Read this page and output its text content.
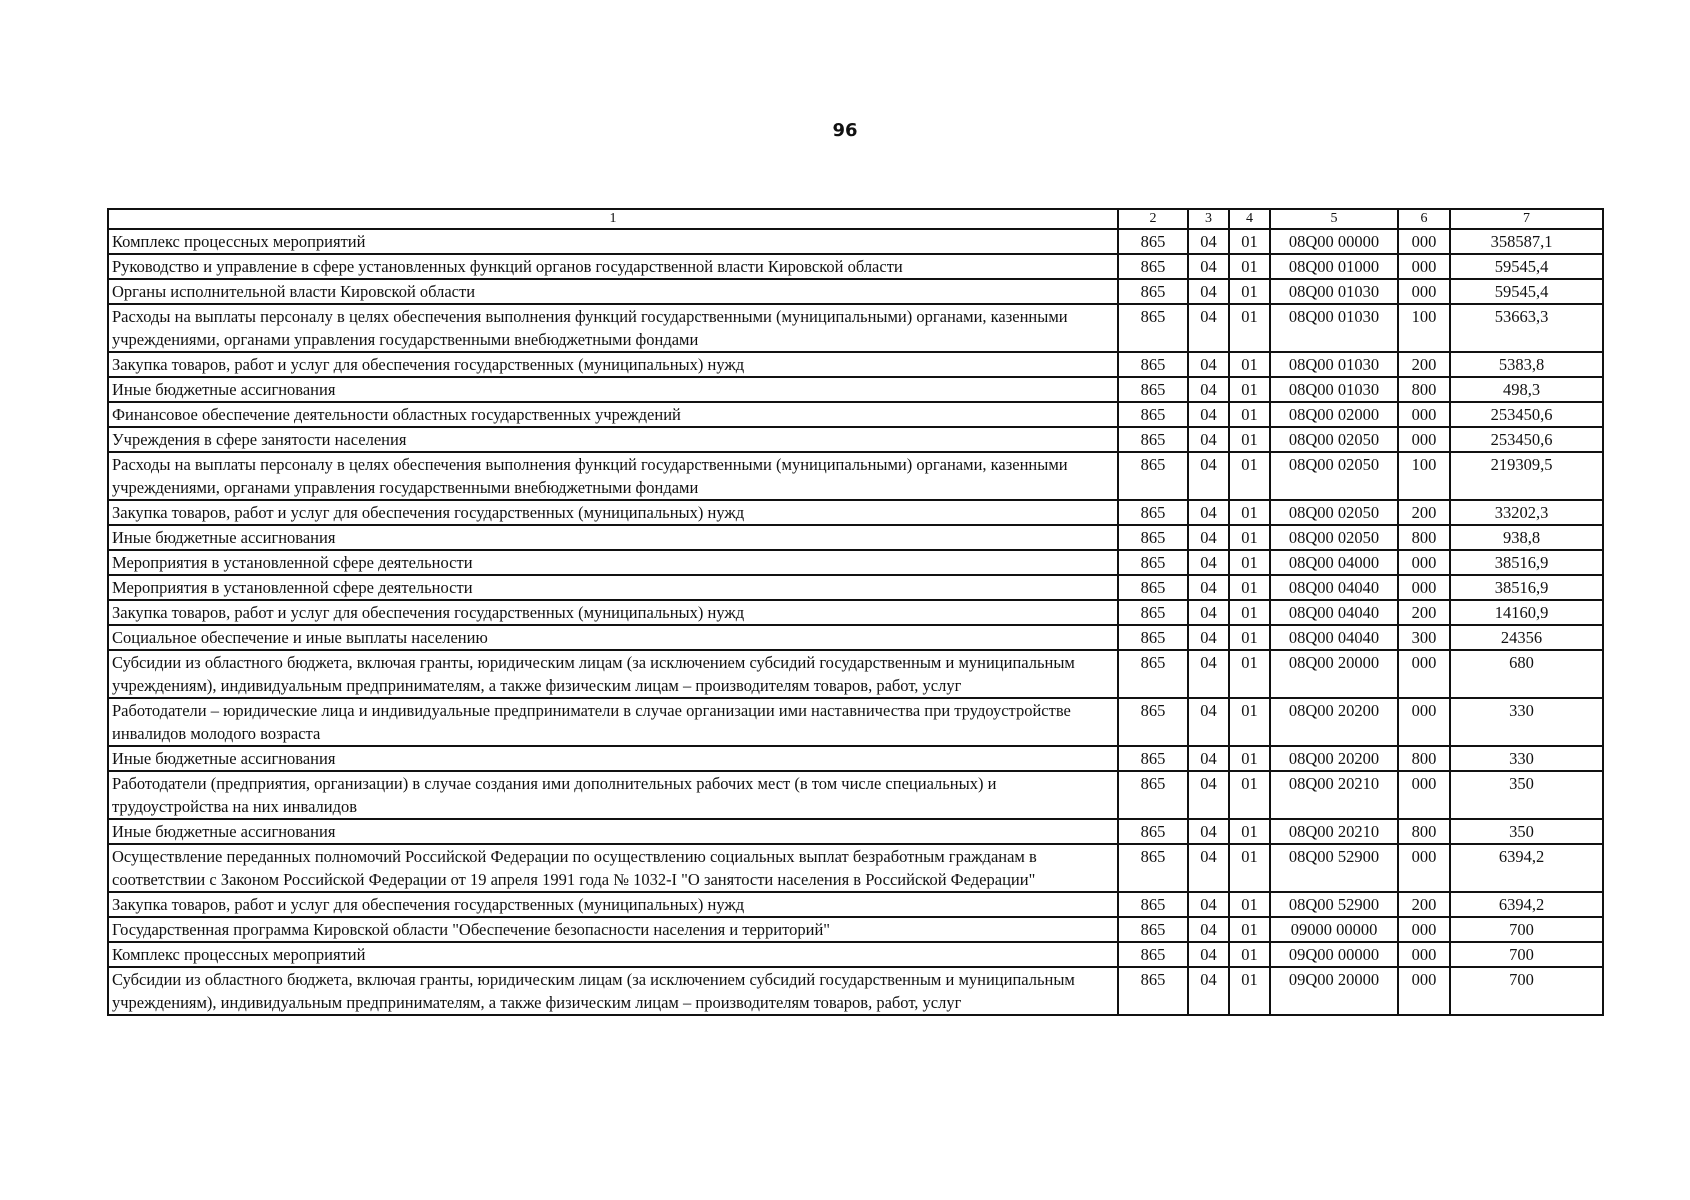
96
1	2	3	4	5	6	7
Комплекс процессных мероприятий	865	04	01	08Q00 00000	000	358587,1
Руководство и управление в сфере установленных функций органов государственной власти Кировской области	865	04	01	08Q00 01000	000	59545,4
Органы исполнительной власти Кировской области	865	04	01	08Q00 01030	000	59545,4
Расходы на выплаты персоналу в целях обеспечения выполнения функций государственными (муниципальными) органами, казенными учреждениями, органами управления государственными внебюджетными фондами	865	04	01	08Q00 01030	100	53663,3
Закупка товаров, работ и услуг для обеспечения государственных (муниципальных) нужд	865	04	01	08Q00 01030	200	5383,8
Иные бюджетные ассигнования	865	04	01	08Q00 01030	800	498,3
Финансовое обеспечение деятельности областных государственных учреждений	865	04	01	08Q00 02000	000	253450,6
Учреждения в сфере занятости населения	865	04	01	08Q00 02050	000	253450,6
Расходы на выплаты персоналу в целях обеспечения выполнения функций государственными (муниципальными) органами, казенными учреждениями, органами управления государственными внебюджетными фондами	865	04	01	08Q00 02050	100	219309,5
Закупка товаров, работ и услуг для обеспечения государственных (муниципальных) нужд	865	04	01	08Q00 02050	200	33202,3
Иные бюджетные ассигнования	865	04	01	08Q00 02050	800	938,8
Мероприятия в установленной сфере деятельности	865	04	01	08Q00 04000	000	38516,9
Мероприятия в установленной сфере деятельности	865	04	01	08Q00 04040	000	38516,9
Закупка товаров, работ и услуг для обеспечения государственных (муниципальных) нужд	865	04	01	08Q00 04040	200	14160,9
Социальное обеспечение и иные выплаты населению	865	04	01	08Q00 04040	300	24356
Субсидии из областного бюджета, включая гранты, юридическим лицам (за исключением субсидий государственным и муниципальным учреждениям), индивидуальным предпринимателям, а также физическим лицам – производителям товаров, работ, услуг	865	04	01	08Q00 20000	000	680
Работодатели – юридические лица и индивидуальные предприниматели в случае организации ими наставничества при трудоустройстве инвалидов молодого возраста	865	04	01	08Q00 20200	000	330
Иные бюджетные ассигнования	865	04	01	08Q00 20200	800	330
Работодатели (предприятия, организации) в случае создания ими дополнительных рабочих мест (в том числе специальных) и трудоустройства на них инвалидов	865	04	01	08Q00 20210	000	350
Иные бюджетные ассигнования	865	04	01	08Q00 20210	800	350
Осуществление переданных полномочий Российской Федерации по осуществлению социальных выплат безработным гражданам в соответствии с Законом Российской Федерации от 19 апреля 1991 года № 1032-I "О занятости населения в Российской Федерации"	865	04	01	08Q00 52900	000	6394,2
Закупка товаров, работ и услуг для обеспечения государственных (муниципальных) нужд	865	04	01	08Q00 52900	200	6394,2
Государственная программа Кировской области "Обеспечение безопасности населения и территорий"	865	04	01	09000 00000	000	700
Комплекс процессных мероприятий	865	04	01	09Q00 00000	000	700
Субсидии из областного бюджета, включая гранты, юридическим лицам (за исключением субсидий государственным и муниципальным учреждениям), индивидуальным предпринимателям, а также физическим лицам – производителям товаров, работ, услуг	865	04	01	09Q00 20000	000	700
